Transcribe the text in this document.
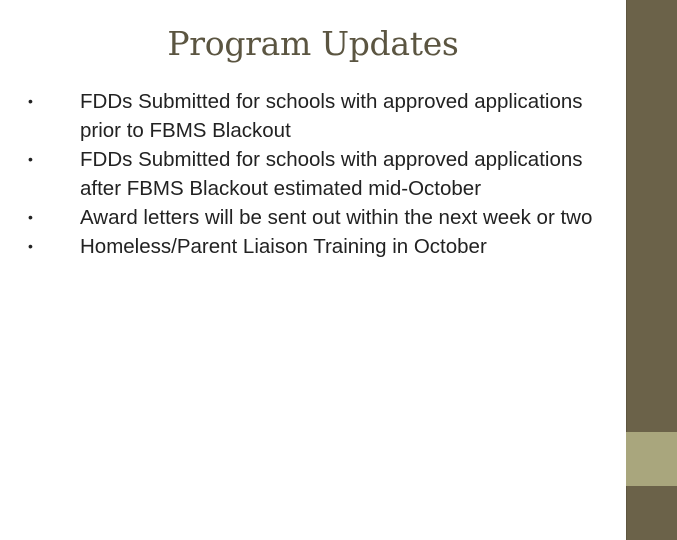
Program Updates
•	FDDs Submitted for schools with approved applications prior to FBMS Blackout
•	FDDs Submitted for schools with approved applications after FBMS Blackout estimated mid-October
•	Award letters will be sent out within the next week or two
•	Homeless/Parent Liaison Training in October
